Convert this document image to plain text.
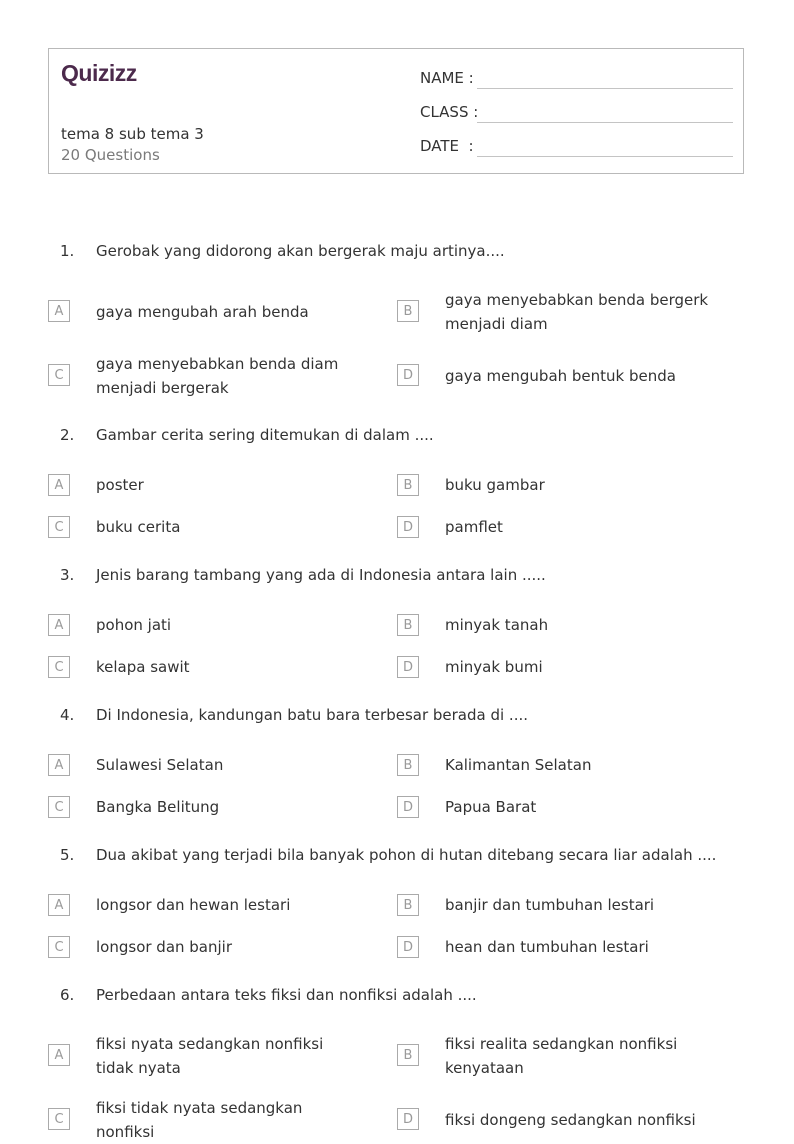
Quizizz
tema 8 sub tema 3
20 Questions
NAME :
CLASS :
DATE  :
1. Gerobak yang didorong akan bergerak maju artinya....
A	gaya mengubah arah benda	B
gaya menyebabkan benda bergerk menjadi diam
C
gaya menyebabkan benda diam menjadi bergerak
D	gaya mengubah bentuk benda
2. Gambar cerita sering ditemukan di dalam ....
A	poster	B	buku gambar
C	buku cerita	D	pamflet
3. Jenis barang tambang yang ada di Indonesia antara lain .....
A	pohon jati	B	minyak tanah
C	kelapa sawit	D	minyak bumi
4. Di Indonesia, kandungan batu bara terbesar berada di ....
A	Sulawesi Selatan	B	Kalimantan Selatan
C	Bangka Belitung	D	Papua Barat
5. Dua akibat yang terjadi bila banyak pohon di hutan ditebang secara liar adalah ....
A	longsor dan hewan lestari	B	banjir dan tumbuhan lestari
C	longsor dan banjir	D	hean dan tumbuhan lestari
6. Perbedaan antara teks fiksi dan nonfiksi adalah ....
A
fiksi nyata sedangkan nonfiksi tidak nyata
B
fiksi realita sedangkan nonfiksi kenyataan
C
fiksi tidak nyata sedangkan nonfiksi
D	fiksi dongeng sedangkan nonfiksi
